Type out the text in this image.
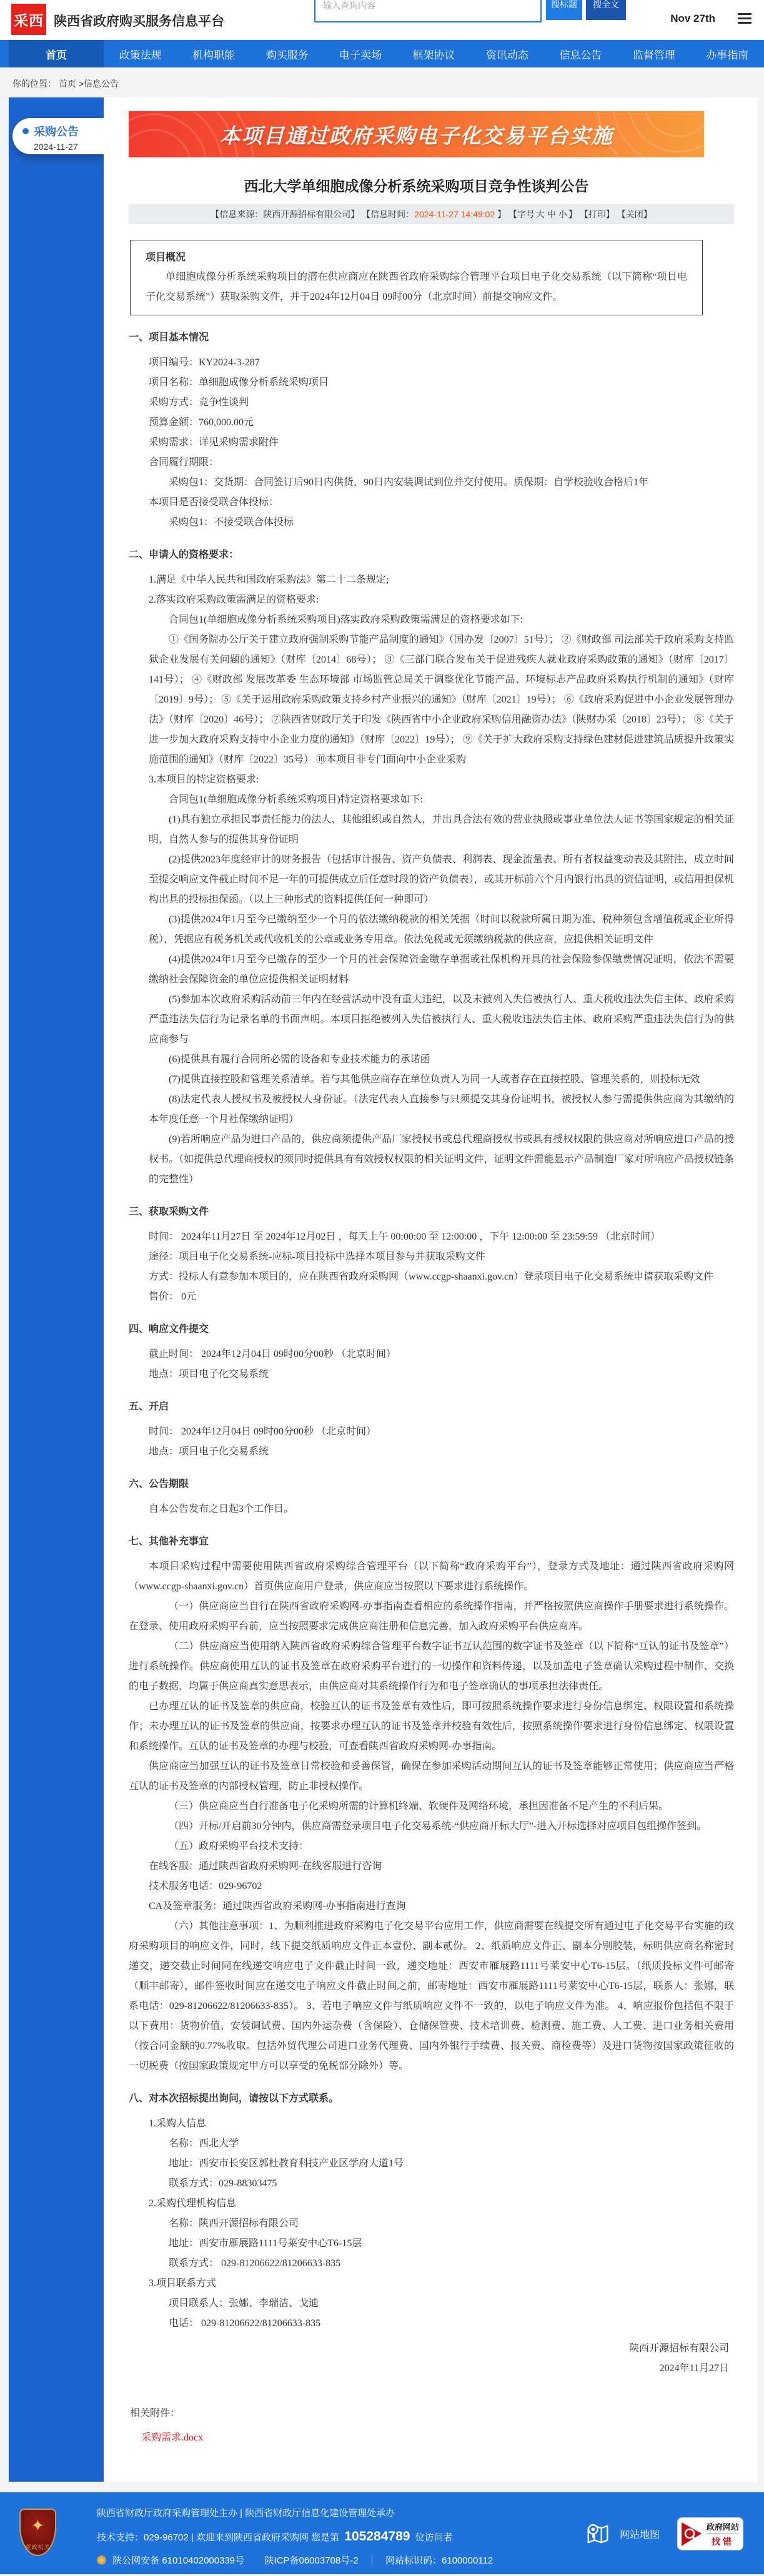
采西 陕西省政府购买服务信息平台
输入查询内容
搜标题	搜全文
Nov 27th
首页	政策法规	机构职能	购买服务	电子卖场	框架协议	资讯动态	信息公告	监督管理	办事指南
你的位置： 首页 >信息公告
采购公告
2024-11-27	本项目通过政府采购电子化交易平台实施
西北大学单细胞成像分析系统采购项目竞争性谈判公告
【信息来源：陕西开源招标有限公司】 【信息时间：2024-11-27 14:49:02 】 【字号 大 中 小 】 【打印】 【关闭】
项目概况

单细胞成像分析系统采购项目的潜在供应商应在陕西省政府采购综合管理平台项目电子化交易系统（以下简称“项目电子化交易系统”）获取采购文件，并于2024年12月04日 09时00分（北京时间）前提交响应文件。

一、项目基本情况

项目编号：KY2024-3-287

项目名称：单细胞成像分析系统采购项目

采购方式：竞争性谈判

预算金额：760,000.00元

采购需求：详见采购需求附件

合同履行期限：

采购包1：交货期：合同签订后90日内供货，90日内安装调试到位并交付使用。质保期：自学校验收合格后1年

本项目是否接受联合体投标：

采购包1：不接受联合体投标

二、申请人的资格要求：

1.满足《中华人民共和国政府采购法》第二十二条规定;

2.落实政府采购政策需满足的资格要求:

合同包1(单细胞成像分析系统采购项目)落实政府采购政策需满足的资格要求如下:

①《国务院办公厅关于建立政府强制采购节能产品制度的通知》（国办发〔2007〕51号）； ②《财政部 司法部关于政府采购支持监狱企业发展有关问题的通知》（财库〔2014〕68号）； ③《三部门联合发布关于促进残疾人就业政府采购政策的通知》（财库〔2017〕141号）； ④《财政部 发展改革委 生态环境部 市场监管总局关于调整优化节能产品、环境标志产品政府采购执行机制的通知》（财库〔2019〕9号）； ⑤《关于运用政府采购政策支持乡村产业振兴的通知》（财库〔2021〕19号）； ⑥《政府采购促进中小企业发展管理办法》（财库〔2020〕46号）； ⑦陕西省财政厅关于印发《陕西省中小企业政府采购信用融资办法》（陕财办采〔2018〕23号）； ⑧《关于进一步加大政府采购支持中小企业力度的通知》（财库〔2022〕19号）； ⑨《关于扩大政府采购支持绿色建材促进建筑品质提升政策实施范围的通知》（财库〔2022〕35号） ⑩本项目非专门面向中小企业采购

3.本项目的特定资格要求:

合同包1(单细胞成像分析系统采购项目)特定资格要求如下:

(1)具有独立承担民事责任能力的法人、其他组织或自然人，并出具合法有效的营业执照或事业单位法人证书等国家规定的相关证明，自然人参与的提供其身份证明

(2)提供2023年度经审计的财务报告（包括审计报告、资产负债表、利润表、现金流量表、所有者权益变动表及其附注，成立时间至提交响应文件截止时间不足一年的可提供成立后任意时段的资产负债表），或其开标前六个月内银行出具的资信证明，或信用担保机构出具的投标担保函。（以上三种形式的资料提供任何一种即可）

(3)提供2024年1月至今已缴纳至少一个月的依法缴纳税款的相关凭据（时间以税款所属日期为准、税种须包含增值税或企业所得税），凭据应有税务机关或代收机关的公章或业务专用章。依法免税或无须缴纳税款的供应商，应提供相关证明文件

(4)提供2024年1月至今已缴存的至少一个月的社会保障资金缴存单据或社保机构开具的社会保险参保缴费情况证明，依法不需要缴纳社会保障资金的单位应提供相关证明材料

(5)参加本次政府采购活动前三年内在经营活动中没有重大违纪，以及未被列入失信被执行人、重大税收违法失信主体、政府采购严重违法失信行为记录名单的书面声明。本项目拒绝被列入失信被执行人、重大税收违法失信主体、政府采购严重违法失信行为的供应商参与

(6)提供具有履行合同所必需的设备和专业技术能力的承诺函

(7)提供直接控股和管理关系清单。若与其他供应商存在单位负责人为同一人或者存在直接控股、管理关系的，则投标无效

(8)法定代表人授权书及被授权人身份证。（法定代表人直接参与只须提交其身份证明书，被授权人参与需提供供应商为其缴纳的本年度任意一个月社保缴纳证明）

(9)若所响应产品为进口产品的，供应商须提供产品厂家授权书或总代理商授权书或具有授权权限的供应商对所响应进口产品的授权书。（如提供总代理商授权的须同时提供具有有效授权权限的相关证明文件，证明文件需能显示产品制造厂家对所响应产品授权链条的完整性）

三、获取采购文件

时间： 2024年11月27日 至 2024年12月02日 ，每天上午 00:00:00 至 12:00:00 ，下午 12:00:00 至 23:59:59 （北京时间）

途径：项目电子化交易系统-应标-项目投标中选择本项目参与并获取采购文件

方式：投标人有意参加本项目的，应在陕西省政府采购网（www.ccgp-shaanxi.gov.cn）登录项目电子化交易系统申请获取采购文件

售价： 0元

四、响应文件提交

截止时间： 2024年12月04日 09时00分00秒 （北京时间）

地点：项目电子化交易系统

五、开启

时间： 2024年12月04日 09时00分00秒 （北京时间）

地点：项目电子化交易系统

六、公告期限

自本公告发布之日起3个工作日。

七、其他补充事宜

本项目采购过程中需要使用陕西省政府采购综合管理平台（以下简称“政府采购平台”），登录方式及地址：通过陕西省政府采购网（www.ccgp-shaanxi.gov.cn）首页供应商用户登录，供应商应当按照以下要求进行系统操作。

（一）供应商应当自行在陕西省政府采购网-办事指南查看相应的系统操作指南，并严格按照供应商操作手册要求进行系统操作。在登录、使用政府采购平台前，应当按照要求完成供应商注册和信息完善，加入政府采购平台供应商库。

（二）供应商应当使用纳入陕西省政府采购综合管理平台数字证书互认范围的数字证书及签章（以下简称“互认的证书及签章”）进行系统操作。供应商使用互认的证书及签章在政府采购平台进行的一切操作和资料传递，以及加盖电子签章确认采购过程中制作、交换的电子数据，均属于供应商真实意思表示，由供应商对其系统操作行为和电子签章确认的事项承担法律责任。

已办理互认的证书及签章的供应商，校验互认的证书及签章有效性后，即可按照系统操作要求进行身份信息绑定、权限设置和系统操作；未办理互认的证书及签章的供应商，按要求办理互认的证书及签章并校验有效性后，按照系统操作要求进行身份信息绑定、权限设置和系统操作。互认的证书及签章的办理与校验，可查看陕西省政府采购网-办事指南。

供应商应当加强互认的证书及签章日常校验和妥善保管，确保在参加采购活动期间互认的证书及签章能够正常使用；供应商应当严格互认的证书及签章的内部授权管理，防止非授权操作。

（三）供应商应当自行准备电子化采购所需的计算机终端、软硬件及网络环境，承担因准备不足产生的不利后果。

（四）开标/开启前30分钟内，供应商需登录项目电子化交易系统-“供应商开标大厅”-进入开标选择对应项目包组操作签到。

（五）政府采购平台技术支持：

在线客服：通过陕西省政府采购网-在线客服进行咨询

技术服务电话：029-96702

CA及签章服务：通过陕西省政府采购网-办事指南进行查询

（六）其他注意事项：1、为顺利推进政府采购电子化交易平台应用工作，供应商需要在线提交所有通过电子化交易平台实施的政府采购项目的响应文件，同时，线下提交纸质响应文件正本壹份、副本贰份。 2、纸质响应文件正、副本分别胶装，标明供应商名称密封递交，递交截止时间同在线递交响应电子文件截止时间一致，递交地址：西安市雁展路1111号莱安中心T6-15层。（纸质投标文件可邮寄（顺丰邮寄），邮件签收时间应在递交电子响应文件截止时间之前，邮寄地址：西安市雁展路1111号莱安中心T6-15层，联系人：张娜，联系电话：029-81206622/81206633-835）。 3、若电子响应文件与纸质响应文件不一致的，以电子响应文件为准。 4、响应报价包括但不限于以下费用：货物价值、安装调试费、国内外运杂费（含保险）、仓储保管费、技术培训费、检测费、施工费、人工费、进口业务相关费用（按合同金额的0.77%收取。包括外贸代理公司进口业务代理费、国内外银行手续费、报关费、商检费等）及进口货物按国家政策征收的一切税费（按国家政策规定甲方可以享受的免税部分除外）等。

八、对本次招标提出询问，请按以下方式联系。

1.采购人信息

名称：西北大学

地址：西安市长安区郭杜教育科技产业区学府大道1号

联系方式：029-88303475

2.采购代理机构信息

名称：陕西开源招标有限公司

地址：西安市雁展路1111号莱安中心T6-15层

联系方式： 029-81206622/81206633-835

3.项目联系方式

项目联系人：张娜、李瑞洁、戈迪

电话： 029-81206622/81206633-835

陕西开源招标有限公司

2024年11月27日

相关附件：

采购需求.docx
✦
党政机关

陕西省财政厅政府采购管理处主办 | 陕西省财政厅信息化建设管理处承办

技术支持：029-96702 | 欢迎来到陕西省政府采购网 您是第 105284789 位访问者

陕公网安备 61010402000339号 陕ICP备06003708号-2 ｜ 网站标识码：6100000112

网站地图
政府网站
找错
